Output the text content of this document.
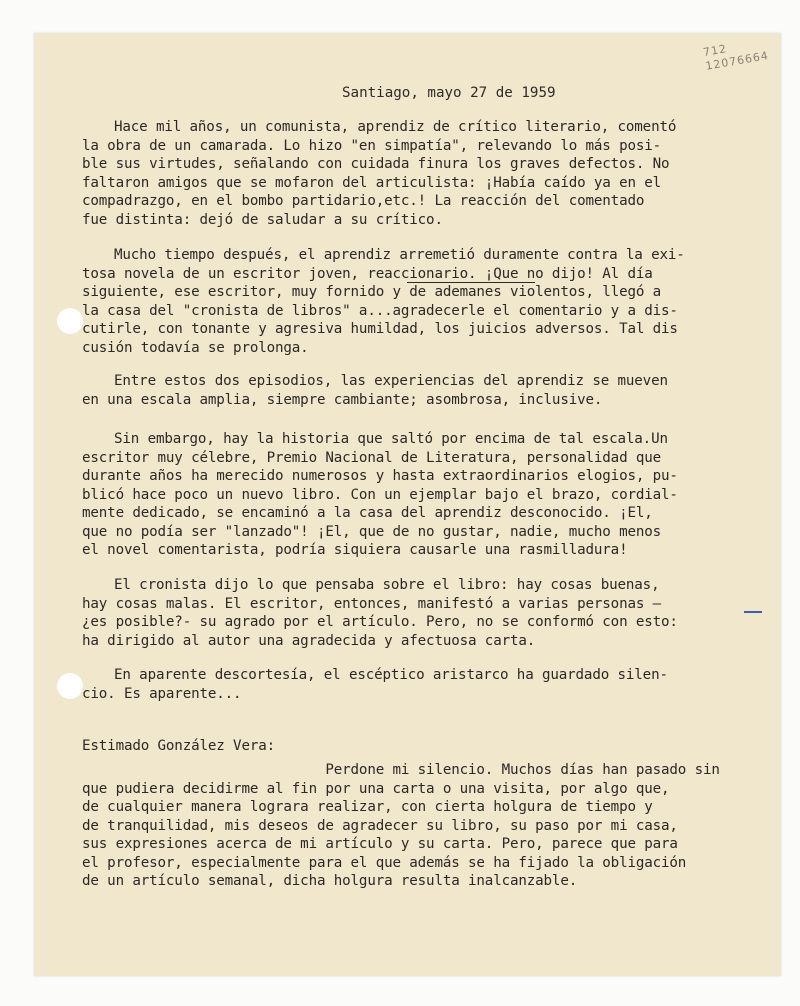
712
12076664
Santiago, mayo 27 de 1959
Hace mil años, un comunista, aprendiz de crítico literario, comentó
la obra de un camarada. Lo hizo "en simpatía", relevando lo más posi-
ble sus virtudes, señalando con cuidada finura los graves defectos. No
faltaron amigos que se mofaron del articulista: ¡Había caído ya en el
compadrazgo, en el bombo partidario,etc.! La reacción del comentado
fue distinta: dejó de saludar a su crítico.
Mucho tiempo después, el aprendiz arremetió duramente contra la exi-
tosa novela de un escritor joven, reaccionario. ¡Que no dijo! Al día
siguiente, ese escritor, muy fornido y de ademanes violentos, llegó a
la casa del "cronista de libros" a...agradecerle el comentario y a dis-
cutirle, con tonante y agresiva humildad, los juicios adversos. Tal dis
cusión todavía se prolonga.
Entre estos dos episodios, las experiencias del aprendiz se mueven
en una escala amplia, siempre cambiante; asombrosa, inclusive.
Sin embargo, hay la historia que saltó por encima de tal escala.Un
escritor muy célebre, Premio Nacional de Literatura, personalidad que
durante años ha merecido numerosos y hasta extraordinarios elogios, pu-
blicó hace poco un nuevo libro. Con un ejemplar bajo el brazo, cordial-
mente dedicado, se encaminó a la casa del aprendiz desconocido. ¡El,
que no podía ser "lanzado"! ¡El, que de no gustar, nadie, mucho menos
el novel comentarista, podría siquiera causarle una rasmilladura!
El cronista dijo lo que pensaba sobre el libro: hay cosas buenas,
hay cosas malas. El escritor, entonces, manifestó a varias personas —
¿es posible?- su agrado por el artículo. Pero, no se conformó con esto:
ha dirigido al autor una agradecida y afectuosa carta.
En aparente descortesía, el escéptico aristarco ha guardado silen-
cio. Es aparente...
Estimado González Vera:
Perdone mi silencio. Muchos días han pasado sin
que pudiera decidirme al fin por una carta o una visita, por algo que,
de cualquier manera lograra realizar, con cierta holgura de tiempo y
de tranquilidad, mis deseos de agradecer su libro, su paso por mi casa,
sus expresiones acerca de mi artículo y su carta. Pero, parece que para
el profesor, especialmente para el que además se ha fijado la obligación
de un artículo semanal, dicha holgura resulta inalcanzable.
